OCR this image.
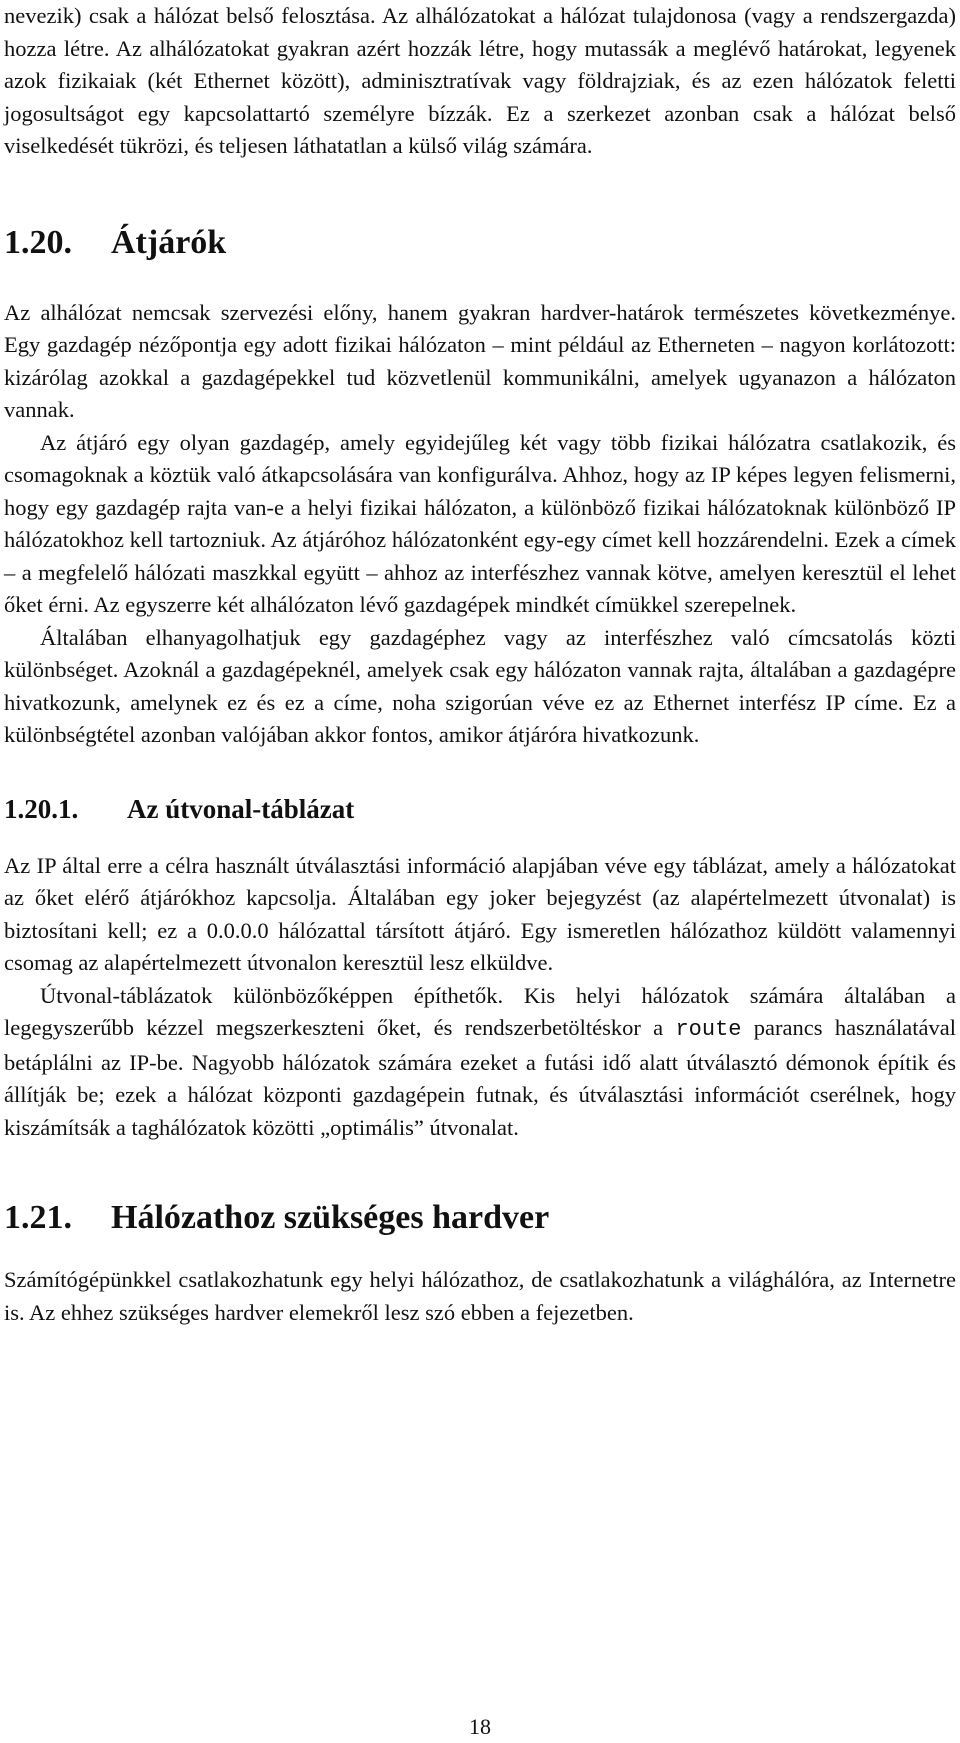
nevezik) csak a hálózat belső felosztása. Az alhálózatokat a hálózat tulajdonosa (vagy a rendszergazda) hozza létre. Az alhálózatokat gyakran azért hozzák létre, hogy mutassák a meglévő határokat, legyenek azok fizikaiak (két Ethernet között), adminisztratívak vagy földrajziak, és az ezen hálózatok feletti jogosultságot egy kapcsolattartó személyre bízzák. Ez a szerkezet azonban csak a hálózat belső viselkedését tükrözi, és teljesen láthatatlan a külső világ számára.

1.20. Átjárók

Az alhálózat nemcsak szervezési előny, hanem gyakran hardver-határok természetes következménye. Egy gazdagép nézőpontja egy adott fizikai hálózaton – mint például az Etherneten – nagyon korlátozott: kizárólag azokkal a gazdagépekkel tud közvetlenül kommunikálni, amelyek ugyanazon a hálózaton vannak.

Az átjáró egy olyan gazdagép, amely egyidejűleg két vagy több fizikai hálózatra csatlakozik, és csomagoknak a köztük való átkapcsolására van konfigurálva. Ahhoz, hogy az IP képes legyen felismerni, hogy egy gazdagép rajta van-e a helyi fizikai hálózaton, a különböző fizikai hálózatoknak különböző IP hálózatokhoz kell tartozniuk. Az átjáróhoz hálózatonként egy-egy címet kell hozzárendelni. Ezek a címek – a megfelelő hálózati maszkkal együtt – ahhoz az interfészhez vannak kötve, amelyen keresztül el lehet őket érni. Az egyszerre két alhálózaton lévő gazdagépek mindkét címükkel szerepelnek.

Általában elhanyagolhatjuk egy gazdagéphez vagy az interfészhez való címcsatolás közti különbséget. Azoknál a gazdagépeknél, amelyek csak egy hálózaton vannak rajta, általában a gazdagépre hivatkozunk, amelynek ez és ez a címe, noha szigorúan véve ez az Ethernet interfész IP címe. Ez a különbségtétel azonban valójában akkor fontos, amikor átjáróra hivatkozunk.

1.20.1. Az útvonal-táblázat

Az IP által erre a célra használt útválasztási információ alapjában véve egy táblázat, amely a hálózatokat az őket elérő átjárókhoz kapcsolja. Általában egy joker bejegyzést (az alapértelmezett útvonalat) is biztosítani kell; ez a 0.0.0.0 hálózattal társított átjáró. Egy ismeretlen hálózathoz küldött valamennyi csomag az alapértelmezett útvonalon keresztül lesz elküldve.

Útvonal-táblázatok különbözőképpen építhetők. Kis helyi hálózatok számára általában a legegyszerűbb kézzel megszerkeszteni őket, és rendszerbetöltéskor a route parancs használatával betáplálni az IP-be. Nagyobb hálózatok számára ezeket a futási idő alatt útválasztó démonok építik és állítják be; ezek a hálózat központi gazdagépein futnak, és útválasztási információt cserélnek, hogy kiszámítsák a taghálózatok közötti „optimális” útvonalat.

1.21. Hálózathoz szükséges hardver

Számítógépünkkel csatlakozhatunk egy helyi hálózathoz, de csatlakozhatunk a világhálóra, az Internetre is. Az ehhez szükséges hardver elemekről lesz szó ebben a fejezetben.

18
